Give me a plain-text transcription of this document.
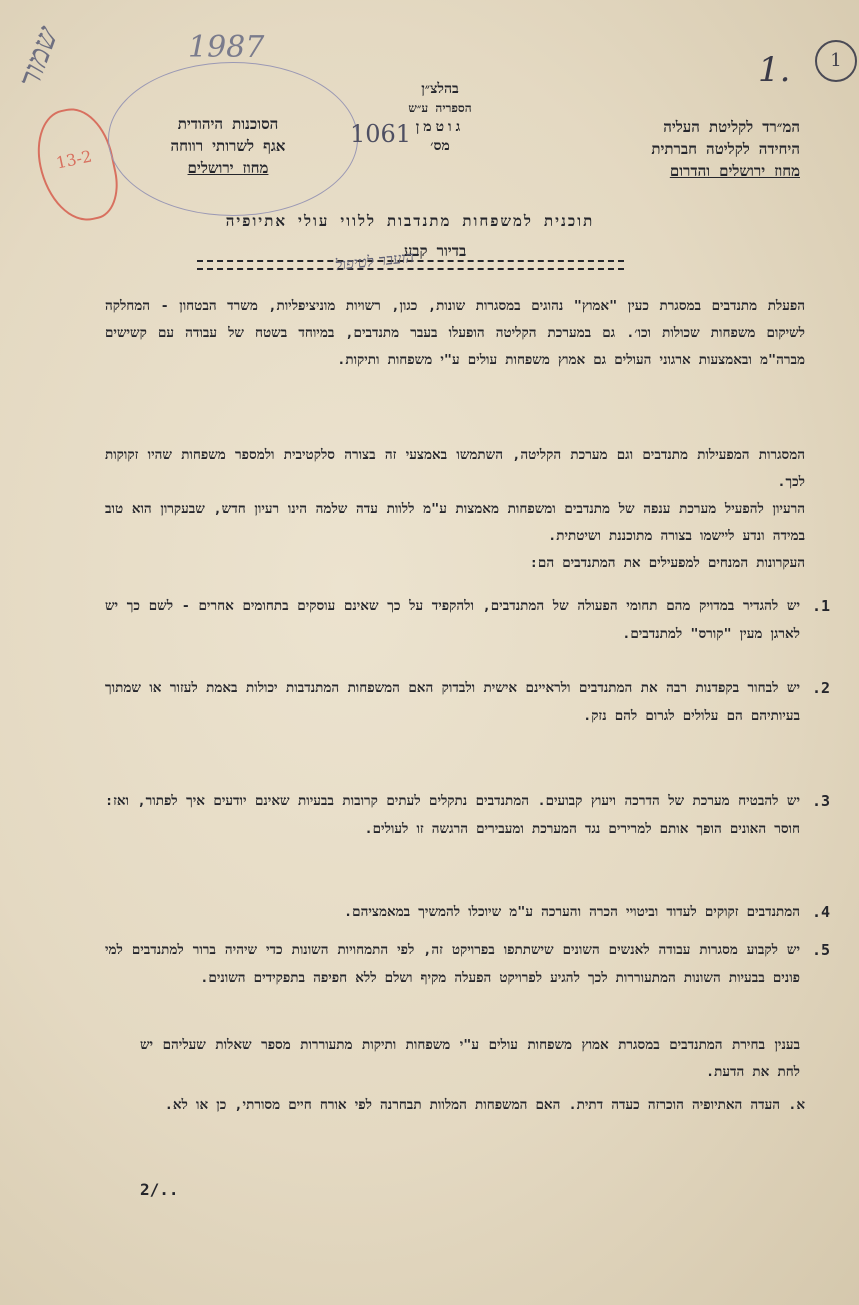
שמור	1987
13-2
1
1.
בהלצ״ן
הספריה ע״ש
גוטמן
מס׳
1061	המ״רד לקליטת העליה
היחידה לקליטה חברתית
מחוז ירושלים והדרום
הסוכנות היהודית
אגף לשרותי רווחה
מחוז ירושלים
תוכנית למשפחות מתנדבות ללווי עולי אתיופיה
בדיור קבע
הועבר לטיפול
הפעלת מתנדבים במסגרת כעין "אמוץ" נהוגים במסגרות שונות, כגון, רשויות מוניציפליות, משרד הבטחון - המחלקה לשיקום משפחות שכולות וכו׳. גם במערכת הקליטה הופעלו בעבר מתנדבים, במיוחד בשטח של עבודה עם קשישים מברה"מ ובאמצעות ארגוני העולים גם אמוץ משפחות עולים ע"י משפחות ותיקות.
המסגרות המפעילות מתנדבים וגם מערכת הקליטה, השתמשו באמצעי זה בצורה סלקטיבית ולמספר משפחות שהיו זקוקות לכך.
הרעיון להפעיל מערכת ענפה של מתנדבים ומשפחות מאמצות ע"מ ללוות עדה שלמה הינו רעיון חדש, שבעקרון הוא טוב במידה ונדע ליישמו בצורה מתוכננת ושיטתית.
העקרונות המנחים למפעילים את המתנדבים הם:
1.
יש להגדיר במדויק מהם תחומי הפעולה של המתנדבים, ולהקפיד על כך שאינם עוסקים בתחומים אחרים - לשם כך יש לארגן מעין "קורס" למתנדבים.
2.
יש לבחור בקפדנות רבה את המתנדבים ולראיינם אישית ולבדוק האם המשפחות המתנדבות יכולות באמת לעזור או שמתוך בעיותיהם הם עלולים לגרום להם נזק.
3.
יש להבטיח מערכת של הדרכה ויעוץ קבועים. המתנדבים נתקלים לעתים קרובות בבעיות שאינם יודעים איך לפתור, ואז: חוסר האונים הופך אותם למרירים נגד המערכת ומעבירים הרגשה זו לעולים.
4.
המתנדבים זקוקים לעדוד וביטויי הכרה והערכה ע"מ שיוכלו להמשיך במאמציהם.
5.
יש לקבוע מסגרות עבודה לאנשים השונים שישתתפו בפרויקט זה, לפי התמחויות השונות כדי שיהיה ברור למתנדבים למי פונים בבעיות השונות המתעוררות לכך להגיע לפרויקט הפעלה מקיף ושלם ללא חפיפה בתפקידים השונים.
בענין בחירת המתנדבים במסגרת אמוץ משפחות עולים ע"י משפחות ותיקות מתעוררות מספר שאלות שעליהם יש לחת את הדעת.
א. העדה האתיופיה הוכרזה כעדה דתית. האם המשפחות המלוות תבחרנה לפי אורח חיים מסורתי, כן או לא.
2/..
